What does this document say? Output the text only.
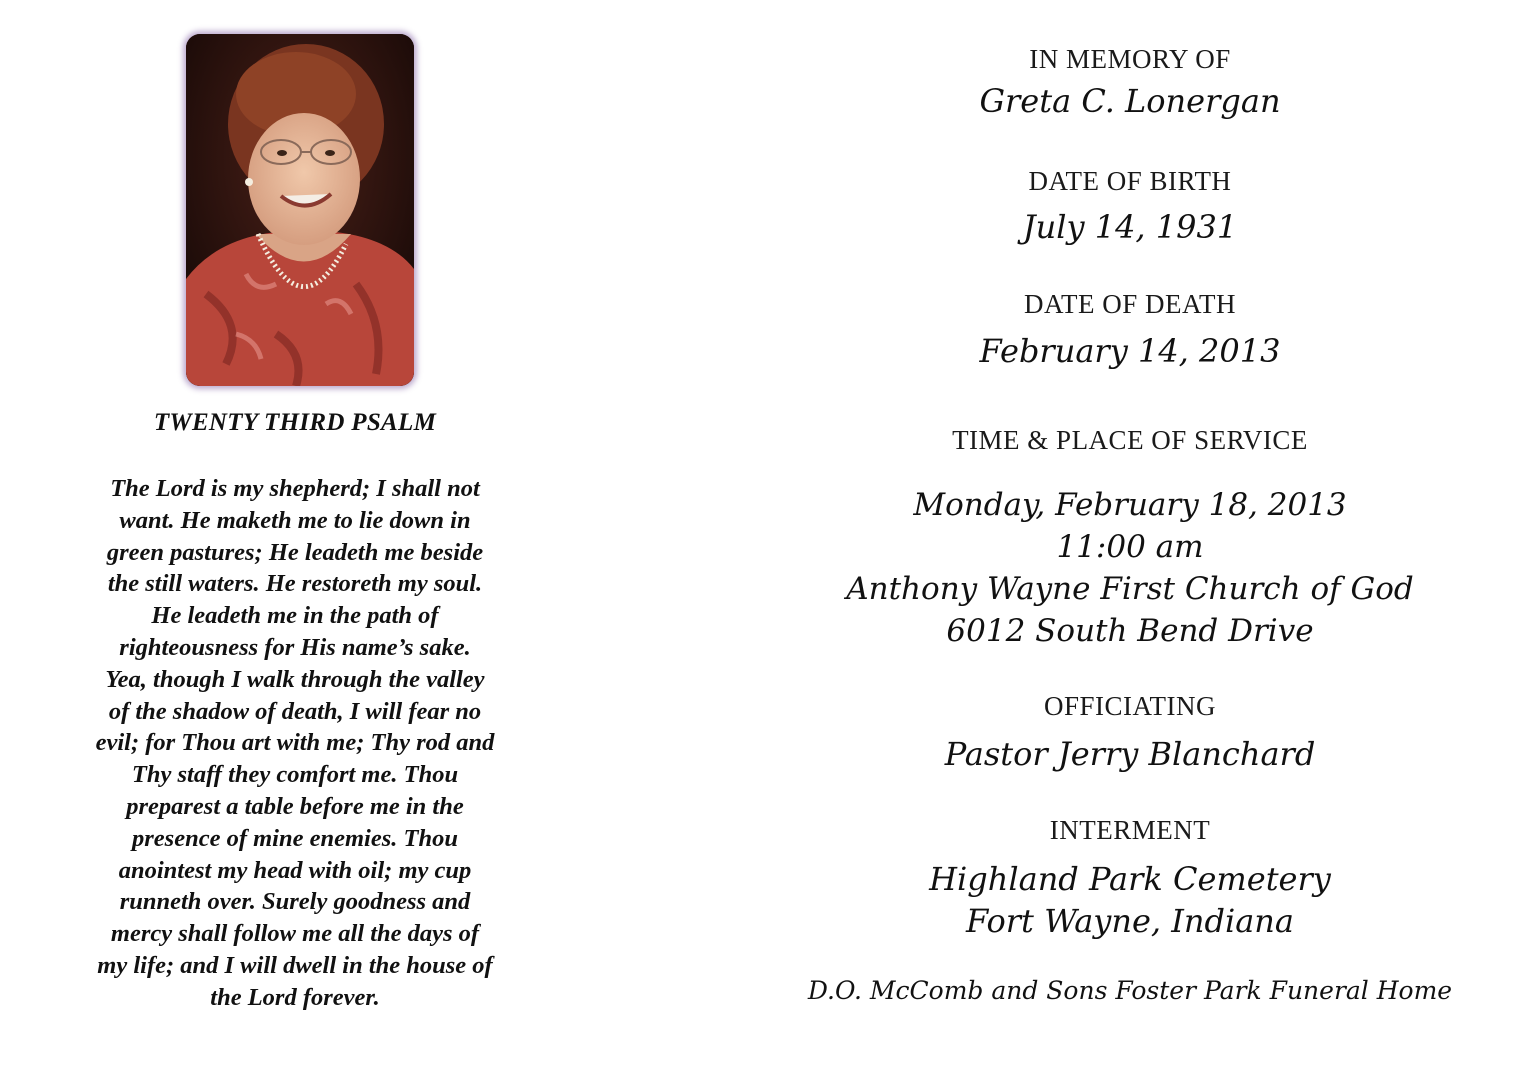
TWENTY THIRD PSALM
The Lord is my shepherd; I shall not
want. He maketh me to lie down in
green pastures; He leadeth me beside
the still waters. He restoreth my soul.
He leadeth me in the path of
righteousness for His name’s sake.
Yea, though I walk through the valley
of the shadow of death, I will fear no
evil; for Thou art with me; Thy rod and
Thy staff they comfort me. Thou
preparest a table before me in the
presence of mine enemies. Thou
anointest my head with oil; my cup
runneth over. Surely goodness and
mercy shall follow me all the days of
my life; and I will dwell in the house of
the Lord forever.
IN MEMORY OF
Greta C. Lonergan
DATE OF BIRTH
July 14, 1931
DATE OF DEATH
February 14, 2013
TIME & PLACE OF SERVICE
Monday, February 18, 2013
11:00 am
Anthony Wayne First Church of God
6012 South Bend Drive
OFFICIATING
Pastor Jerry Blanchard
INTERMENT
Highland Park Cemetery
Fort Wayne, Indiana
D.O. McComb and Sons Foster Park Funeral Home
